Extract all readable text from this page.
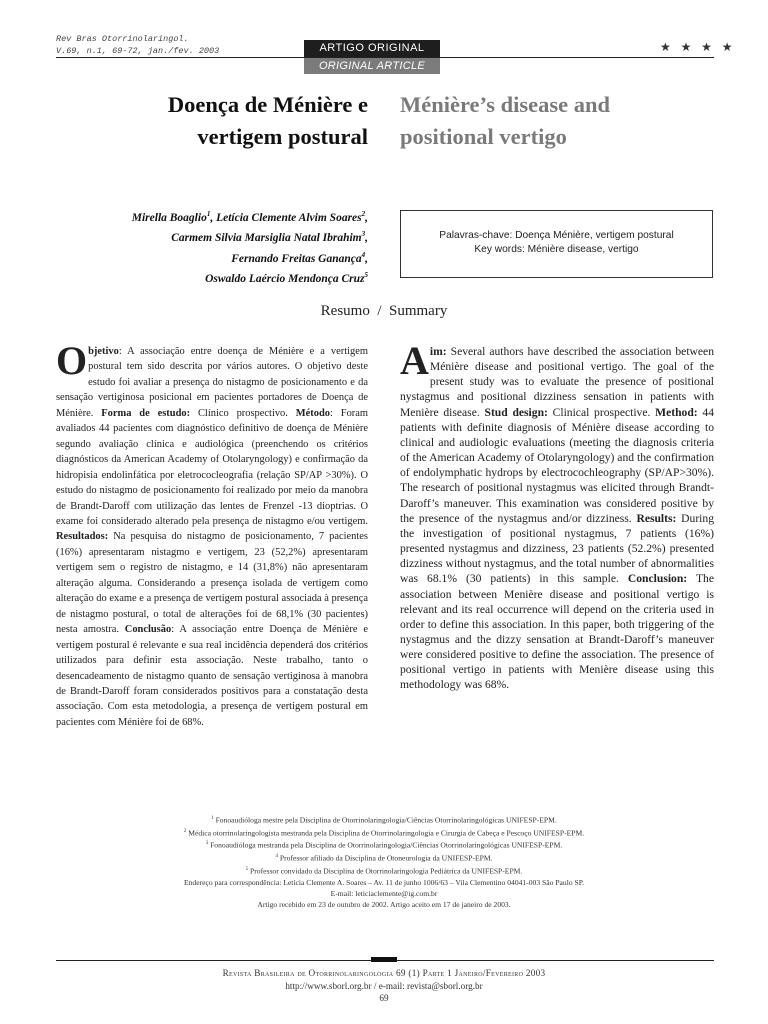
Rev Bras Otorrinolaringol.
V.69, n.1, 69-72, jan./fev. 2003	ARTIGO ORIGINAL
ORIGINAL ARTICLE
★ ★ ★ ★
Doença de Ménière e vertigem postural
Ménière’s disease and positional vertigo
Mirella Boaglio$^1$, Letícia Clemente Alvim Soares$^2$,
Carmem Silvia Marsiglia Natal Ibrahim$^3$,
Fernando Freitas Ganança$^4$,
Oswaldo Laércio Mendonça Cruz$^5$
Palavras-chave: Doença Ménière, vertigem postural
Key words: Ménière disease, vertigo
Resumo / Summary
Objetivo: A associação entre doença de Ménière e a vertigem postural tem sido descrita por vários autores. O objetivo deste estudo foi avaliar a presença do nistagmo de posicionamento e da sensação vertiginosa posicional em pacientes portadores de Doença de Ménière. Forma de estudo: Clínico prospectivo. Método: Foram avaliados 44 pacientes com diagnóstico definitivo de doença de Ménière segundo avaliação clínica e audiológica (preenchendo os critérios diagnósticos da American Academy of Otolaryngology) e confirmação da hidropisia endolinfática por eletrococleografia (relação SP/AP >30%). O estudo do nistagmo de posicionamento foi realizado por meio da manobra de Brandt-Daroff com utilização das lentes de Frenzel -13 dioptrias. O exame foi considerado alterado pela presença de nistagmo e/ou vertigem. Resultados: Na pesquisa do nistagmo de posicionamento, 7 pacientes (16%) apresentaram nistagmo e vertigem, 23 (52,2%) apresentaram vertigem sem o registro de nistagmo, e 14 (31,8%) não apresentaram alteração alguma. Considerando a presença isolada de vertigem como alteração do exame e a presença de vertigem postural associada à presença de nistagmo postural, o total de alterações foi de 68,1% (30 pacientes) nesta amostra. Conclusão: A associação entre Doença de Ménière e vertigem postural é relevante e sua real incidência dependerá dos critérios utilizados para definir esta associação. Neste trabalho, tanto o desencadeamento de nistagmo quanto de sensação vertiginosa à manobra de Brandt-Daroff foram considerados positivos para a constatação desta associação. Com esta metodologia, a presença de vertigem postural em pacientes com Ménière foi de 68%.
Aim: Several authors have described the association between Ménière disease and positional vertigo. The goal of the present study was to evaluate the presence of positional nystagmus and positional dizziness sensation in patients with Menière disease. Stud design: Clinical prospective. Method: 44 patients with definite diagnosis of Ménière disease according to clinical and audiologic evaluations (meeting the diagnosis criteria of the American Academy of Otolaryngology) and the confirmation of endolymphatic hydrops by electrocochleography (SP/AP>30%). The research of positional nystagmus was elicited through Brandt-Daroff’s maneuver. This examination was considered positive by the presence of the nystagmus and/or dizziness. Results: During the investigation of positional nystagmus, 7 patients (16%) presented nystagmus and dizziness, 23 patients (52.2%) presented dizziness without nystagmus, and the total number of abnormalities was 68.1% (30 patients) in this sample. Conclusion: The association between Menière disease and positional vertigo is relevant and its real occurrence will depend on the criteria used in order to define this association. In this paper, both triggering of the nystagmus and the dizzy sensation at Brandt-Daroff’s maneuver were considered positive to define the association. The presence of positional vertigo in patients with Menière disease using this methodology was 68%.
$^1$ Fonoaudióloga mestre pela Disciplina de Otorrinolaringologia/Ciências Otorrinolaringológicas UNIFESP-EPM.
$^2$ Médica otorrinolaringologista mestranda pela Disciplina de Otorrinolaringologia e Cirurgia de Cabeça e Pescoço UNIFESP-EPM.
$^3$ Fonoaudióloga mestranda pela Disciplina de Otorrinolaringologia/Ciências Otorrinolaringológicas UNIFESP-EPM.
$^4$ Professor afiliado da Disciplina de Otoneurologia da UNIFESP-EPM.
$^5$ Professor convidado da Disciplina de Otorrinolaringologia Pediátrica da UNIFESP-EPM.
Endereço para correspondência: Letícia Clemente A. Soares – Av. 11 de junho 1006/63 – Vila Clementino 04041-003 São Paulo SP.
E-mail: leticiaclemente@ig.com.br
Artigo recebido em 23 de outubro de 2002. Artigo aceito em 17 de janeiro de 2003.
Revista Brasileira de Otorrinolaringologia 69 (1) Parte 1 Janeiro/Fevereiro 2003
http://www.sborl.org.br / e-mail: revista@sborl.org.br
69
